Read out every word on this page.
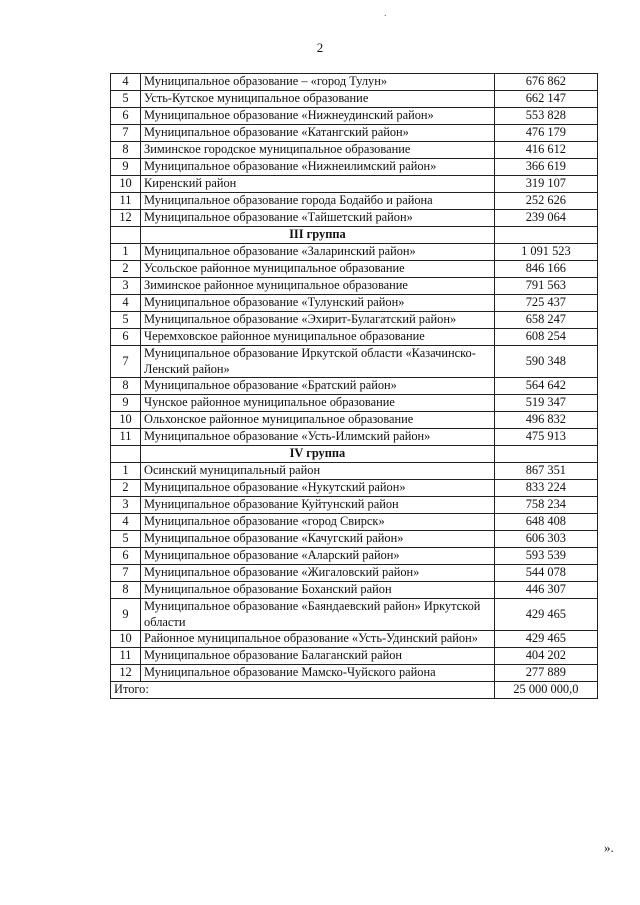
.
2
4	Муниципальное образование – «город Тулун»	676 862
5	Усть-Кутское муниципальное образование	662 147
6	Муниципальное образование «Нижнеудинский район»	553 828
7	Муниципальное образование «Катангский район»	476 179
8	Зиминское городское муниципальное образование	416 612
9	Муниципальное образование «Нижнеилимский район»	366 619
10	Киренский район	319 107
11	Муниципальное образование города Бодайбо и района	252 626
12	Муниципальное образование «Тайшетский район»	239 064
	III группа	
1	Муниципальное образование «Заларинский район»	1 091 523
2	Усольское районное муниципальное образование	846 166
3	Зиминское районное муниципальное образование	791 563
4	Муниципальное образование «Тулунский район»	725 437
5	Муниципальное образование «Эхирит-Булагатский район»	658 247
6	Черемховское районное муниципальное образование	608 254
7	Муниципальное образование Иркутской области «Казачинско-Ленский район»	590 348
8	Муниципальное образование «Братский район»	564 642
9	Чунское районное муниципальное образование	519 347
10	Ольхонское районное муниципальное образование	496 832
11	Муниципальное образование «Усть-Илимский район»	475 913
	IV группа	
1	Осинский муниципальный район	867 351
2	Муниципальное образование «Нукутский район»	833 224
3	Муниципальное образование Куйтунский район	758 234
4	Муниципальное образование «город Свирск»	648 408
5	Муниципальное образование «Качугский район»	606 303
6	Муниципальное образование «Аларский район»	593 539
7	Муниципальное образование «Жигаловский район»	544 078
8	Муниципальное образование Боханский район	446 307
9	Муниципальное образование «Баяндаевский район» Иркутской области	429 465
10	Районное муниципальное образование «Усть-Удинский район»	429 465
11	Муниципальное образование Балаганский район	404 202
12	Муниципальное образование Мамско-Чуйского района	277 889
Итого:		25 000 000,0
».
